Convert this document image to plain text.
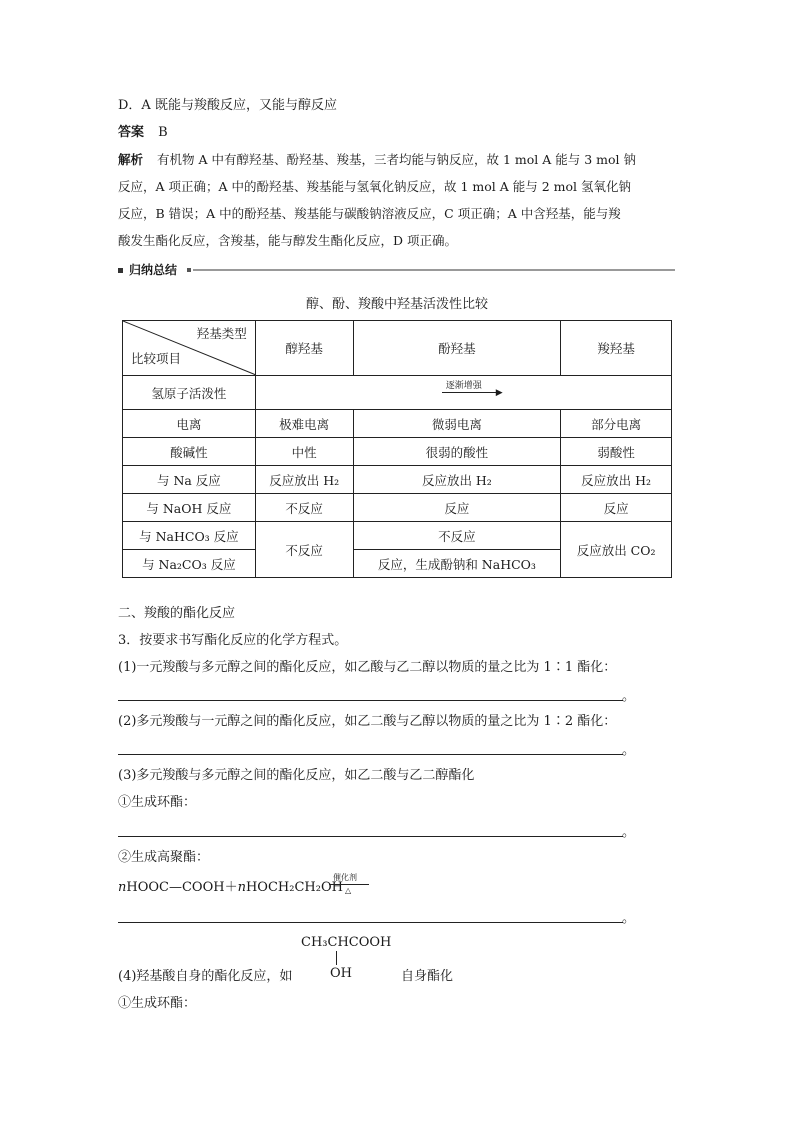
D．A 既能与羧酸反应，又能与醇反应
答案 B
解析 有机物 A 中有醇羟基、酚羟基、羧基，三者均能与钠反应，故 1 mol A 能与 3 mol 钠
反应，A 项正确；A 中的酚羟基、羧基能与氢氧化钠反应，故 1 mol A 能与 2 mol 氢氧化钠
反应，B 错误；A 中的酚羟基、羧基能与碳酸钠溶液反应，C 项正确；A 中含羟基，能与羧
酸发生酯化反应，含羧基，能与醇发生酯化反应，D 项正确。
归纳总结
醇、酚、羧酸中羟基活泼性比较
羟基类型
比较项目	醇羟基	酚羟基	羧羟基
氢原子活泼性	逐渐增强
▶		

电离	极难电离	微弱电离	部分电离
酸碱性	中性	很弱的酸性	弱酸性
与 Na 反应	反应放出 H₂	反应放出 H₂	反应放出 H₂
与 NaOH 反应	不反应	反应	反应
与 NaHCO₃ 反应	不反应	不反应	反应放出 CO₂
与 Na₂CO₃ 反应		反应，生成酚钠和 NaHCO₃	
二、羧酸的酯化反应
3．按要求书写酯化反应的化学方程式。
(1)一元羧酸与多元醇之间的酯化反应，如乙酸与乙二醇以物质的量之比为 1∶1 酯化：
。
(2)多元羧酸与一元醇之间的酯化反应，如乙二酸与乙醇以物质的量之比为 1∶2 酯化：
。
(3)多元羧酸与多元醇之间的酯化反应，如乙二酸与乙二醇酯化
①生成环酯：
。
②生成高聚酯：
nHOOC—COOH＋nHOCH₂CH₂OH
催化剂
△
。
CH₃CHCOOH
OH
(4)羟基酸自身的酯化反应，如	自身酯化
①生成环酯：
